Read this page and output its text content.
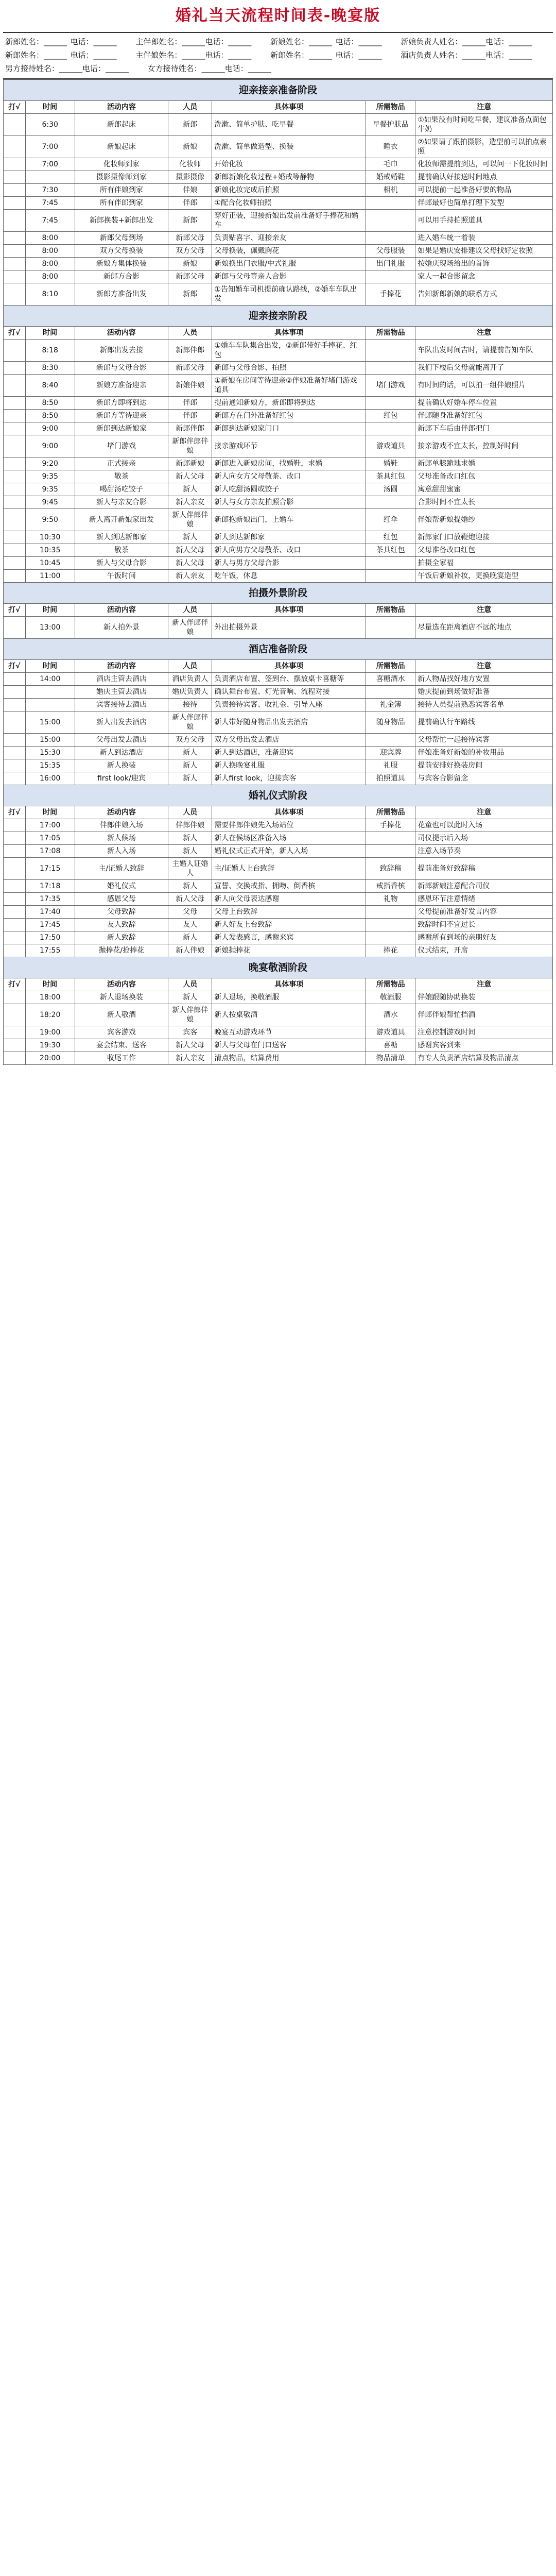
婚礼当天流程时间表-晚宴版
新郎姓名：______ 电话：______	主伴郎姓名：______ 电话：______	新娘姓名：______ 电话：______	新娘负责人姓名：______ 电话：______
新郎姓名：______ 电话：______	主伴娘姓名：______ 电话：______	新郎姓名：______ 电话：______	酒店负责人姓名：______ 电话：______
男方接待姓名：______ 电话：______	女方接待姓名：______ 电话：______
迎亲接亲准备阶段						
打√	时间	活动内容	人员	具体事项	所需物品	注意
	6:30	新郎起床	新郎	洗漱、简单护肤、吃早餐	早餐护肤品	①如果没有时间吃早餐，建议准备点面包牛奶
	7:00	新娘起床	新娘	洗漱、简单做造型、换装	睡衣	②如果请了跟拍摄影，造型前可以拍点素照
	7:00	化妆师到家	化妆师	开始化妆	毛巾	化妆师需提前到达，可以问一下化妆时间
		摄影摄像师到家	摄影摄像	新郎新娘化妆过程+婚戒等静物	婚戒婚鞋	提前确认好接送时间地点
	7:30	所有伴娘到家	伴娘	新娘化妆完成后拍照	相机	可以提前一起准备好要的物品
	7:45	所有伴郎到家	伴郎	①配合化妆师拍照		伴郎最好也简单打理下发型
	7:45	新郎换装+新郎出发	新郎	穿好正装，迎接新娘出发前准备好手捧花和婚车		可以用手持拍照道具
	8:00	新郎父母到场	新郎父母	负责贴喜字、迎接亲友		进入婚车统一着装
	8:00	双方父母换装	双方父母	父母换装，佩戴胸花	父母服装	如果是婚庆安排建议父母找好定妆照
	8:00	新娘方集体换装	新娘	新娘换出门衣服/中式礼服	出门礼服	按婚庆现场给出的首饰
	8:00	新郎方合影	新郎父母	新郎与父母等亲人合影		家人一起合影留念
	8:10	新郎方准备出发	新郎	①告知婚车司机提前确认路线，②婚车车队出发	手捧花	告知新郎新娘的联系方式
迎亲接亲阶段						
打√	时间	活动内容	人员	具体事项	所需物品	注意
	8:18	新郎出发去接	新郎伴郎	①婚车车队集合出发，②新郎带好手捧花、红包		车队出发时间吉时，请提前告知车队
	8:30	新郎与父母合影	新郎父母	新郎与父母合影、拍照		我们下楼后父母就能离开了
	8:40	新娘方准备迎亲	新娘伴娘	①新娘在房间等待迎亲②伴娘准备好堵门游戏道具	堵门游戏	有时间的话，可以拍一组伴娘照片
	8:50	新郎方即将到达	伴郎	提前通知新娘方，新郎即将到达		提前确认好婚车停车位置
	8:50	新郎方等待迎亲	伴郎	新郎方在门外准备好红包	红包	伴郎随身准备好红包
	9:00	新郎到达新娘家	新郎伴郎	新郎到达新娘家门口		新郎下车后由伴郎把门
	9:00	堵门游戏	新郎伴郎伴娘	接亲游戏环节	游戏道具	接亲游戏不宜太长，控制好时间
	9:20	正式接亲	新郎新娘	新郎进入新娘房间，找婚鞋，求婚	婚鞋	新郎单膝跪地求婚
	9:35	敬茶	新人父母	新人向女方父母敬茶、改口	茶具红包	父母准备改口红包
	9:35	喝甜汤吃饺子	新人	新人吃甜汤圆或饺子	汤圆	寓意甜甜蜜蜜
	9:45	新人与亲友合影	新人亲友	新人与女方亲友拍照合影		合影时间不宜太长
	9:50	新人离开新娘家出发	新人伴郎伴娘	新郎抱新娘出门，上婚车	红伞	伴娘帮新娘提婚纱
	10:30	新人到达新郎家	新人	新人到达新郎家	红包	新郎家门口放鞭炮迎接
	10:35	敬茶	新人父母	新人向男方父母敬茶、改口	茶具红包	父母准备改口红包
	10:45	新人与父母合影	新人父母	新人与男方父母合影		拍摄全家福
	11:00	午饭时间	新人亲友	吃午饭，休息		午饭后新娘补妆，更换晚宴造型
拍摄外景阶段						
打√	时间	活动内容	人员	具体事项	所需物品	注意
	13:00	新人拍外景	新人伴郎伴娘	外出拍摄外景		尽量选在距离酒店不远的地点
酒店准备阶段						
打√	时间	活动内容	人员	具体事项	所需物品	注意
	14:00	酒店主管去酒店	酒店负责人	负责酒店布置、签到台、摆放桌卡喜糖等	喜糖酒水	新人物品找好地方安置
		婚庆主管去酒店	婚庆负责人	确认舞台布置、灯光音响、流程对接		婚庆提前到场做好准备
		宾客接待去酒店	接待	负责接待宾客、收礼金、引导入座	礼金簿	接待人员提前熟悉宾客名单
	15:00	新人出发去酒店	新人伴郎伴娘	新人带好随身物品出发去酒店	随身物品	提前确认行车路线
	15:00	父母出发去酒店	双方父母	双方父母出发去酒店		父母帮忙一起接待宾客
	15:30	新人到达酒店	新人	新人到达酒店，准备迎宾	迎宾牌	伴娘准备好新娘的补妆用品
	15:35	新人换装	新人	新人换晚宴礼服	礼服	提前安排好换装房间
	16:00	first look/迎宾	新人	新人first look，迎接宾客	拍照道具	与宾客合影留念
婚礼仪式阶段						
打√	时间	活动内容	人员	具体事项	所需物品	注意
	17:00	伴郎伴娘入场	伴郎伴娘	需要伴郎伴娘先入场站位	手捧花	花童也可以此时入场
	17:05	新人候场	新人	新人在候场区准备入场		司仪提示后入场
	17:08	新人入场	新人	婚礼仪式正式开始，新人入场		注意入场节奏
	17:15	主/证婚人致辞	主婚人证婚人	主/证婚人上台致辞	致辞稿	提前准备好致辞稿
	17:18	婚礼仪式	新人	宣誓、交换戒指、拥吻、倒香槟	戒指香槟	新郎新娘注意配合司仪
	17:35	感恩父母	新人父母	新人向父母表达感谢	礼物	感恩环节注意情绪
	17:40	父母致辞	父母	父母上台致辞		父母提前准备好发言内容
	17:45	友人致辞	友人	新人好友上台致辞		致辞时间不宜过长
	17:50	新人致辞	新人	新人发表感言，感谢来宾		感谢所有到场的亲朋好友
	17:55	抛捧花/抢捧花	新人伴娘	新娘抛捧花	捧花	仪式结束，开席
晚宴敬酒阶段						
打√	时间	活动内容	人员	具体事项	所需物品	注意
	18:00	新人退场换装	新人	新人退场，换敬酒服	敬酒服	伴娘跟随协助换装
	18:20	新人敬酒	新人伴郎伴娘	新人按桌敬酒	酒水	伴郎伴娘帮忙挡酒
	19:00	宾客游戏	宾客	晚宴互动游戏环节	游戏道具	注意控制游戏时间
	19:30	宴会结束、送客	新人父母	新人与父母在门口送客	喜糖	感谢宾客到来
	20:00	收尾工作	新人亲友	清点物品，结算费用	物品清单	有专人负责酒店结算及物品清点
